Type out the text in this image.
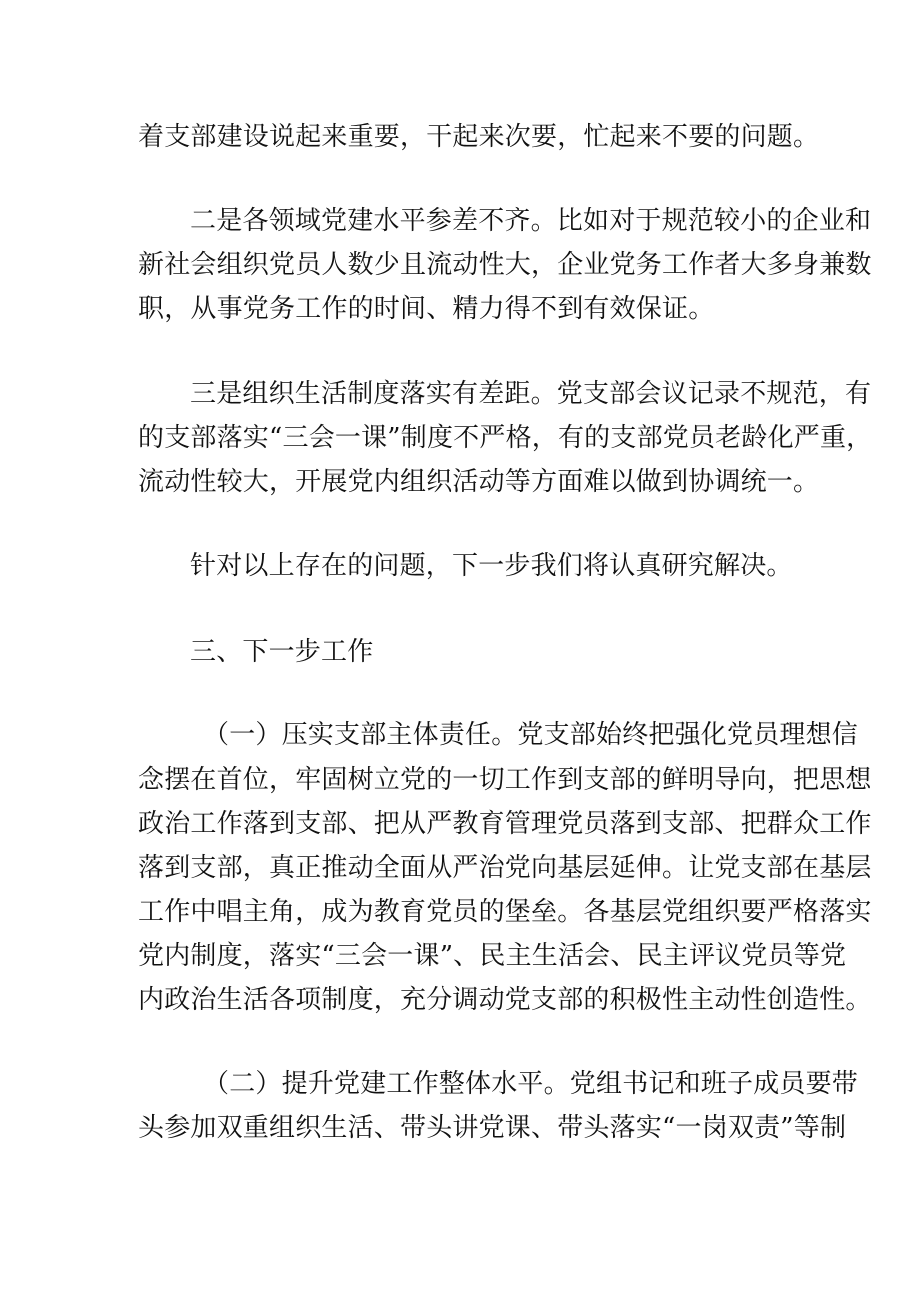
着支部建设说起来重要，干起来次要，忙起来不要的问题。
二是各领域党建水平参差不齐。比如对于规范较小的企业和
新社会组织党员人数少且流动性大，企业党务工作者大多身兼数
职，从事党务工作的时间、精力得不到有效保证。
三是组织生活制度落实有差距。党支部会议记录不规范，有
的支部落实“三会一课”制度不严格，有的支部党员老龄化严重，
流动性较大，开展党内组织活动等方面难以做到协调统一。
针对以上存在的问题，下一步我们将认真研究解决。
三、下一步工作
（一）压实支部主体责任。党支部始终把强化党员理想信
念摆在首位，牢固树立党的一切工作到支部的鲜明导向，把思想
政治工作落到支部、把从严教育管理党员落到支部、把群众工作
落到支部，真正推动全面从严治党向基层延伸。让党支部在基层
工作中唱主角，成为教育党员的堡垒。各基层党组织要严格落实
党内制度，落实“三会一课”、民主生活会、民主评议党员等党
内政治生活各项制度，充分调动党支部的积极性主动性创造性。
（二）提升党建工作整体水平。党组书记和班子成员要带
头参加双重组织生活、带头讲党课、带头落实“一岗双责”等制
